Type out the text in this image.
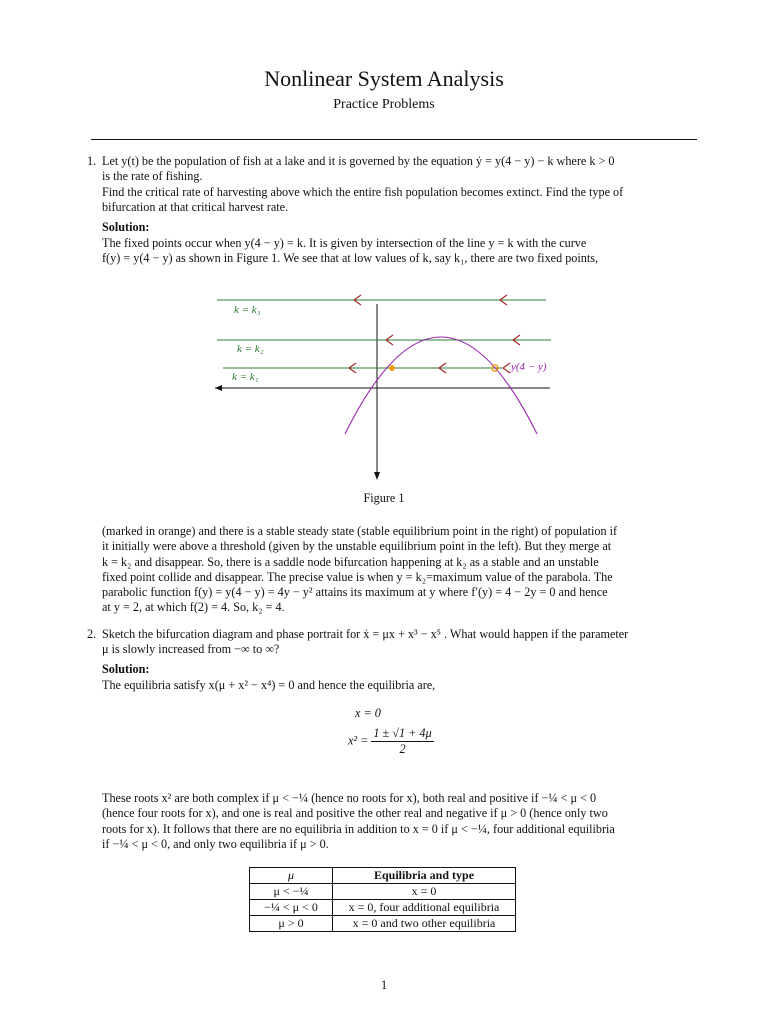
Nonlinear System Analysis
Practice Problems
1. Let y(t) be the population of fish at a lake and it is governed by the equation ẏ = y(4 − y) − k where k > 0
is the rate of fishing.
Find the critical rate of harvesting above which the entire fish population becomes extinct. Find the type of
bifurcation at that critical harvest rate.
Solution:
The fixed points occur when y(4 − y) = k. It is given by intersection of the line y = k with the curve
f(y) = y(4 − y) as shown in Figure 1. We see that at low values of k, say k₁, there are two fixed points,
k = k₃
k = k₂
k = k₁
y(4 − y)
Figure 1
(marked in orange) and there is a stable steady state (stable equilibrium point in the right) of population if
it initially were above a threshold (given by the unstable equilibrium point in the left). But they merge at
k = k₂ and disappear. So, there is a saddle node bifurcation happening at k₂ as a stable and an unstable
fixed point collide and disappear. The precise value is when y = k₂=maximum value of the parabola. The
parabolic function f(y) = y(4 − y) = 4y − y² attains its maximum at y where f′(y) = 4 − 2y = 0 and hence
at y = 2, at which f(2) = 4. So, k₂ = 4.
2. Sketch the bifurcation diagram and phase portrait for ẋ = μx + x³ − x⁵ . What would happen if the parameter
μ is slowly increased from −∞ to ∞?
Solution:
The equilibria satisfy x(μ + x² − x⁴) = 0 and hence the equilibria are,
x = 0
$x^2 = \frac{1 \pm √1 + 4\mu}{2}$
These roots x² are both complex if μ < −¼ (hence no roots for x), both real and positive if −¼ < μ < 0
(hence four roots for x), and one is real and positive the other real and negative if μ > 0 (hence only two
roots for x). It follows that there are no equilibria in addition to x = 0 if μ < −¼, four additional equilibria
if −¼ < μ < 0, and only two equilibria if μ > 0.
μ	Equilibria and type
μ < −¼	x = 0
−¼ < μ < 0	x = 0, four additional equilibria
μ > 0	x = 0 and two other equilibria
1
